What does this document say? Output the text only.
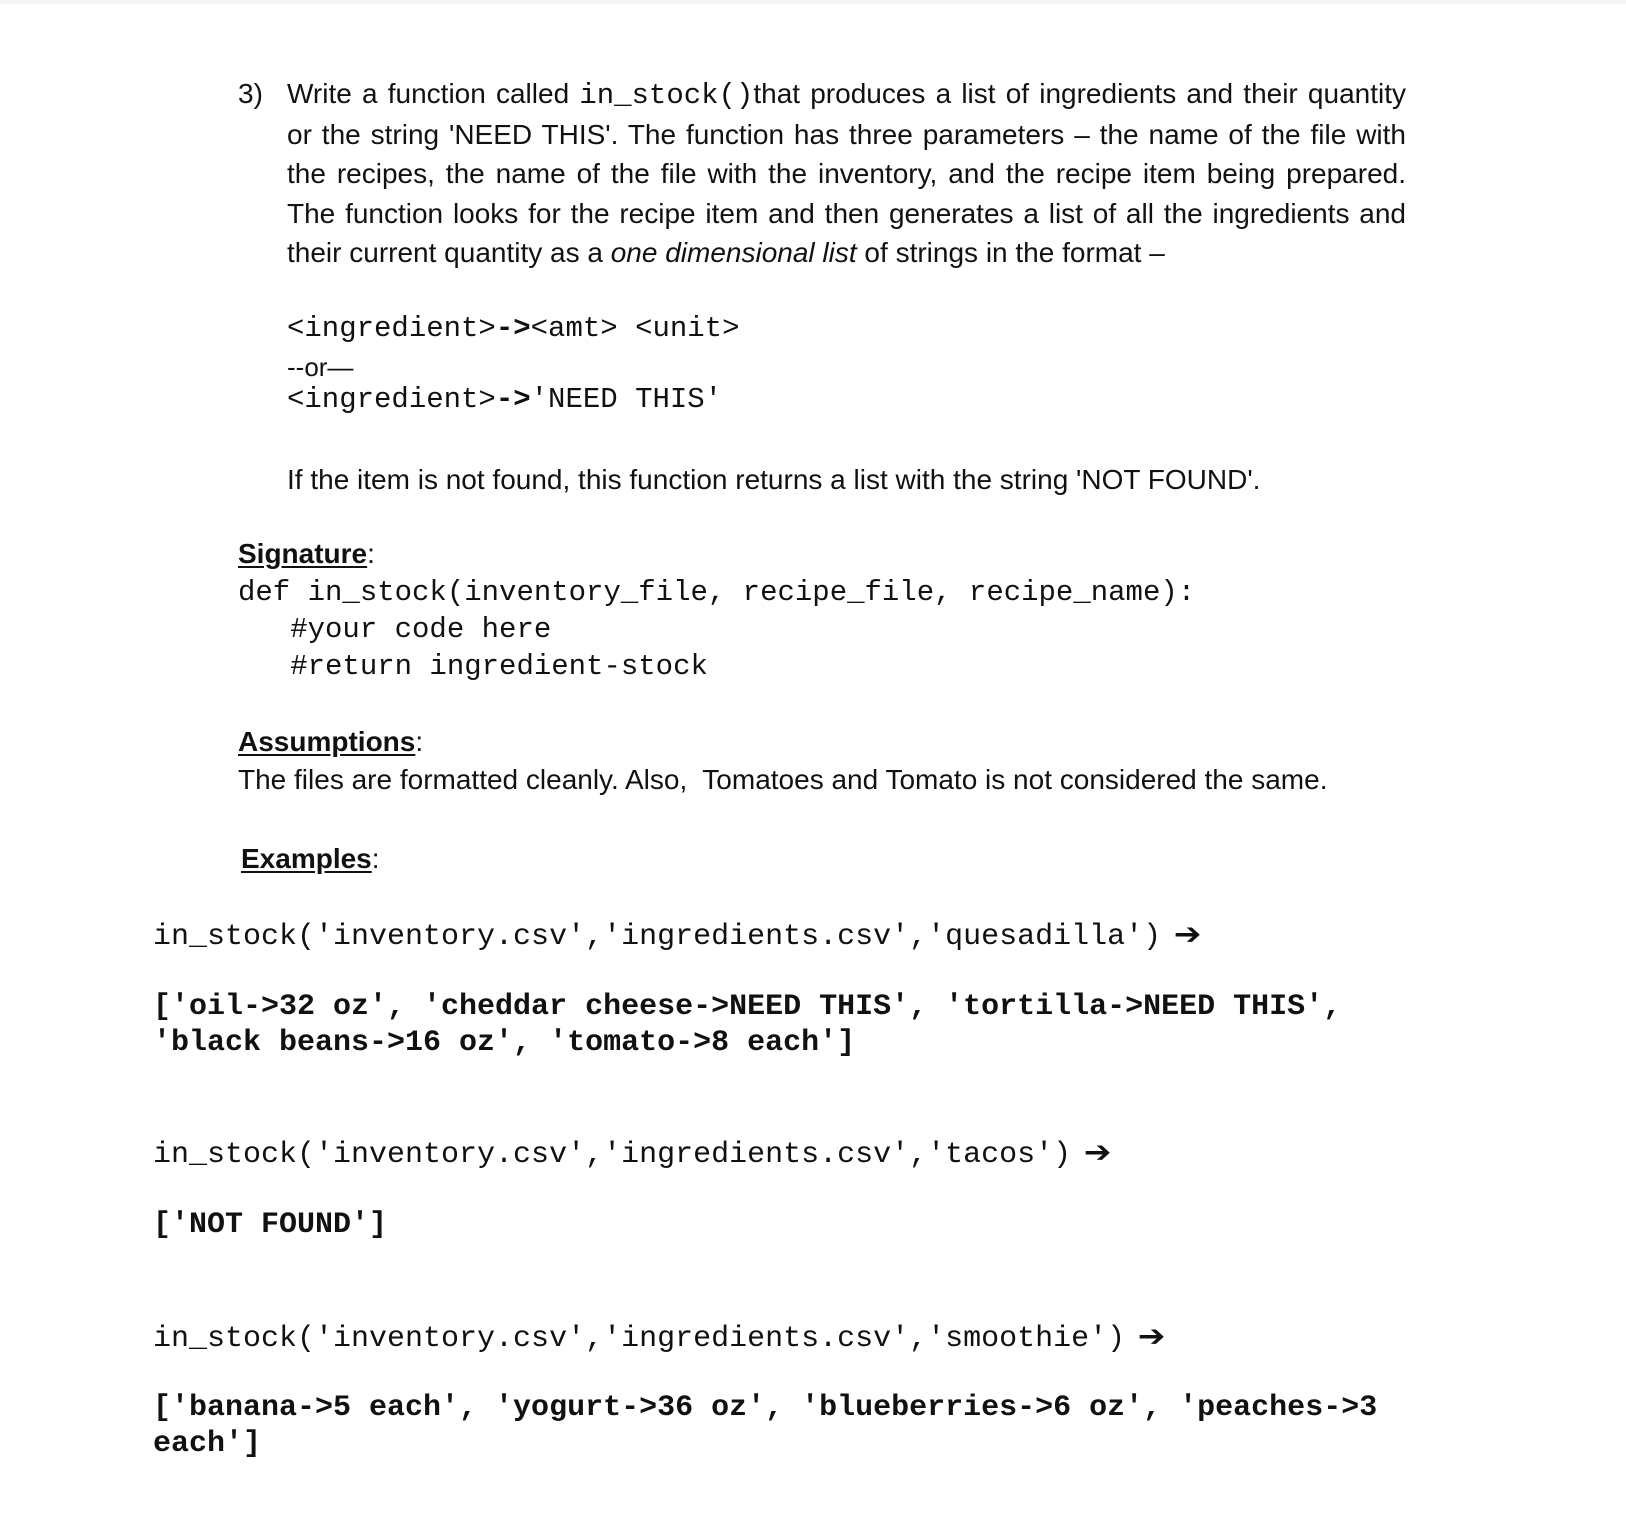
3) Write a function called in_stock()that produces a list of ingredients and their quantity or the string 'NEED THIS'. The function has three parameters – the name of the file with the recipes, the name of the file with the inventory, and the recipe item being prepared. The function looks for the recipe item and then generates a list of all the ingredients and their current quantity as a one dimensional list of strings in the format –
<ingredient>-><amt> <unit>
--or—
<ingredient>->'NEED THIS'
If the item is not found, this function returns a list with the string 'NOT FOUND'.
Signature:
def in_stock(inventory_file, recipe_file, recipe_name):
#your code here
#return ingredient-stock
Assumptions:
The files are formatted cleanly. Also,  Tomatoes and Tomato is not considered the same.
Examples:
in_stock('inventory.csv','ingredients.csv','quesadilla') ➔
['oil->32 oz', 'cheddar cheese->NEED THIS', 'tortilla->NEED THIS',
'black beans->16 oz', 'tomato->8 each']
in_stock('inventory.csv','ingredients.csv','tacos') ➔
['NOT FOUND']
in_stock('inventory.csv','ingredients.csv','smoothie') ➔
['banana->5 each', 'yogurt->36 oz', 'blueberries->6 oz', 'peaches->3
each']
